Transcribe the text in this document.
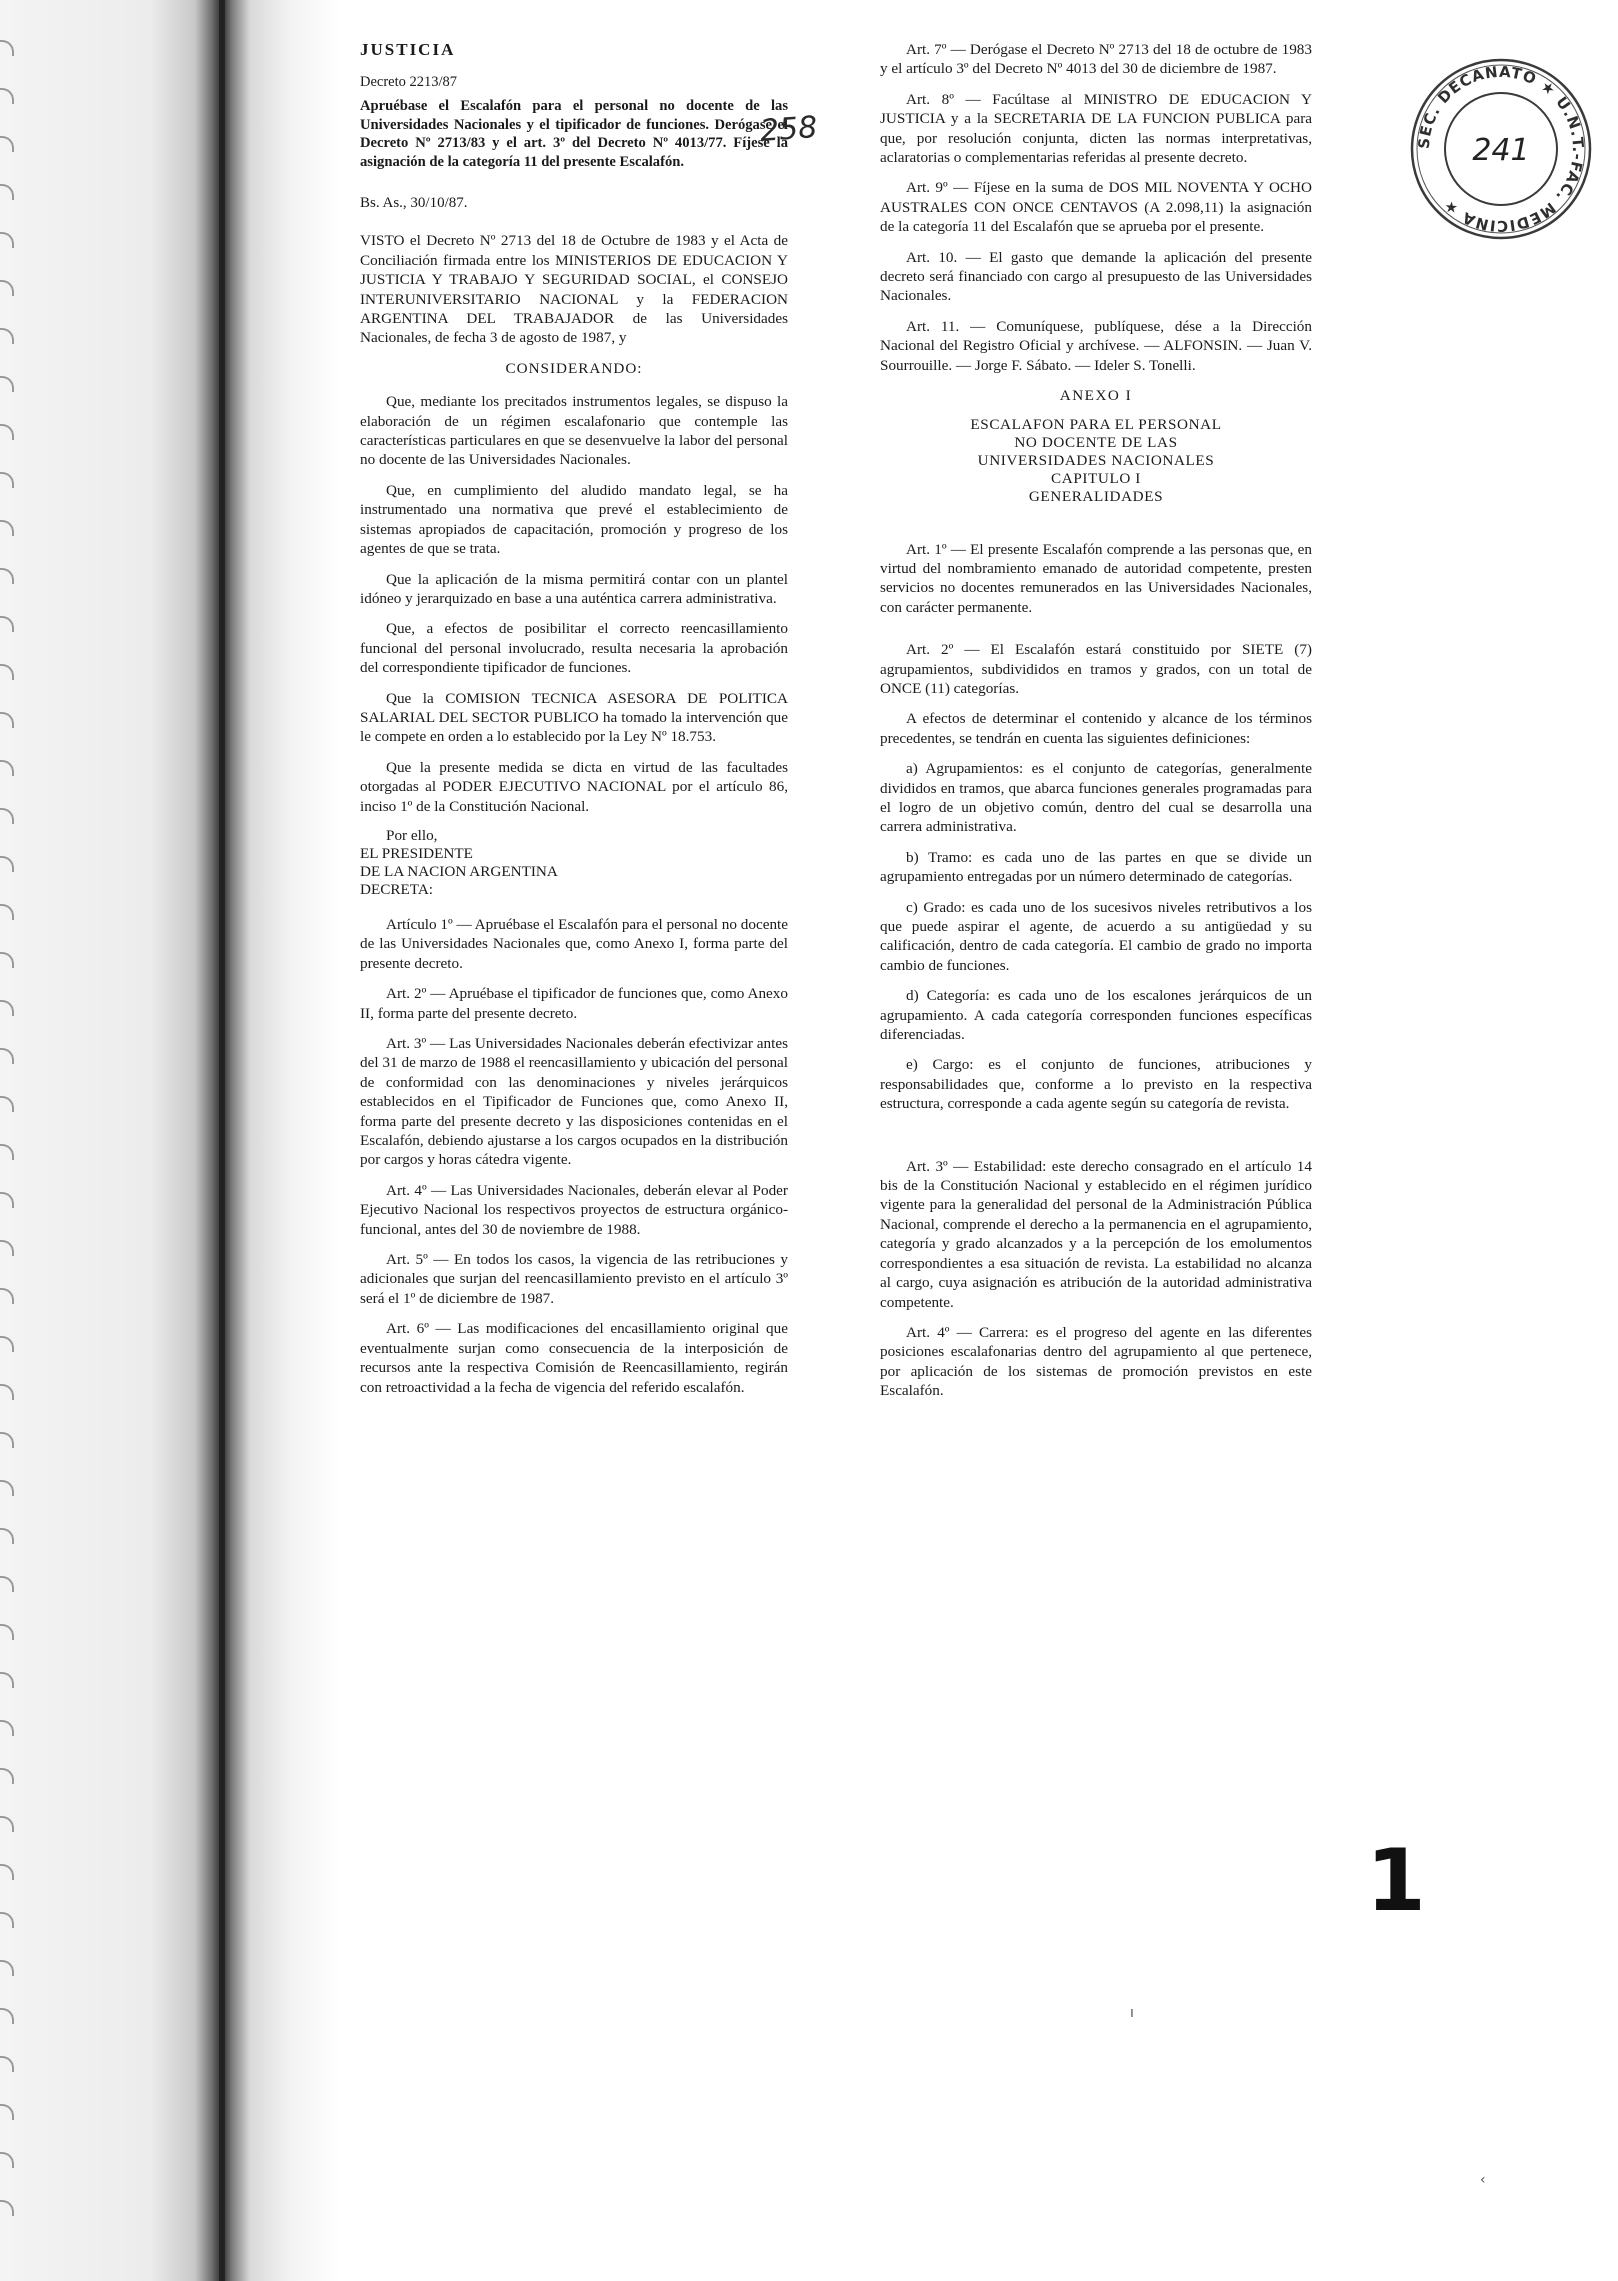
JUSTICIA
Decreto 2213/87
Apruébase el Escalafón para el personal no docente de las Universidades Nacionales y el tipificador de funciones. Derógase el Decreto Nº 2713/83 y el art. 3º del Decreto Nº 4013/77. Fíjese la asignación de la categoría 11 del presente Escalafón.
Bs. As., 30/10/87.

VISTO el Decreto Nº 2713 del 18 de Octubre de 1983 y el Acta de Conciliación firmada entre los MINISTERIOS DE EDUCACION Y JUSTICIA Y TRABAJO Y SEGURIDAD SOCIAL, el CONSEJO INTERUNIVERSITARIO NACIONAL y la FEDERACION ARGENTINA DEL TRABAJADOR de las Universidades Nacionales, de fecha 3 de agosto de 1987, y

CONSIDERANDO:

Que, mediante los precitados instrumentos legales, se dispuso la elaboración de un régimen escalafonario que contemple las características particulares en que se desenvuelve la labor del personal no docente de las Universidades Nacionales.

Que, en cumplimiento del aludido mandato legal, se ha instrumentado una normativa que prevé el establecimiento de sistemas apropiados de capacitación, promoción y progreso de los agentes de que se trata.

Que la aplicación de la misma permitirá contar con un plantel idóneo y jerarquizado en base a una auténtica carrera administrativa.

Que, a efectos de posibilitar el correcto reencasillamiento funcional del personal involucrado, resulta necesaria la aprobación del correspondiente tipificador de funciones.

Que la COMISION TECNICA ASESORA DE POLITICA SALARIAL DEL SECTOR PUBLICO ha tomado la intervención que le compete en orden a lo establecido por la Ley Nº 18.753.

Que la presente medida se dicta en virtud de las facultades otorgadas al PODER EJECUTIVO NACIONAL por el artículo 86, inciso 1º de la Constitución Nacional.

Por ello,
EL PRESIDENTE
DE LA NACION ARGENTINA
DECRETA:

Artículo 1º — Apruébase el Escalafón para el personal no docente de las Universidades Nacionales que, como Anexo I, forma parte del presente decreto.

Art. 2º — Apruébase el tipificador de funciones que, como Anexo II, forma parte del presente decreto.

Art. 3º — Las Universidades Nacionales deberán efectivizar antes del 31 de marzo de 1988 el reencasillamiento y ubicación del personal de conformidad con las denominaciones y niveles jerárquicos establecidos en el Tipificador de Funciones que, como Anexo II, forma parte del presente decreto y las disposiciones contenidas en el Escalafón, debiendo ajustarse a los cargos ocupados en la distribución por cargos y horas cátedra vigente.

Art. 4º — Las Universidades Nacionales, deberán elevar al Poder Ejecutivo Nacional los respectivos proyectos de estructura orgánico-funcional, antes del 30 de noviembre de 1988.

Art. 5º — En todos los casos, la vigencia de las retribuciones y adicionales que surjan del reencasillamiento previsto en el artículo 3º será el 1º de diciembre de 1987.

Art. 6º — Las modificaciones del encasillamiento original que eventualmente surjan como consecuencia de la interposición de recursos ante la respectiva Comisión de Reencasillamiento, regirán con retroactividad a la fecha de vigencia del referido escalafón.

Art. 7º — Derógase el Decreto Nº 2713 del 18 de octubre de 1983 y el artículo 3º del Decreto Nº 4013 del 30 de diciembre de 1987.

Art. 8º — Facúltase al MINISTRO DE EDUCACION Y JUSTICIA y a la SECRETARIA DE LA FUNCION PUBLICA para que, por resolución conjunta, dicten las normas interpretativas, aclaratorias o complementarias referidas al presente decreto.

Art. 9º — Fíjese en la suma de DOS MIL NOVENTA Y OCHO AUSTRALES CON ONCE CENTAVOS (A 2.098,11) la asignación de la categoría 11 del Escalafón que se aprueba por el presente.

Art. 10. — El gasto que demande la aplicación del presente decreto será financiado con cargo al presupuesto de las Universidades Nacionales.

Art. 11. — Comuníquese, publíquese, dése a la Dirección Nacional del Registro Oficial y archívese. — ALFONSIN. — Juan V. Sourrouille. — Jorge F. Sábato. — Ideler S. Tonelli.

ANEXO I
ESCALAFON PARA EL PERSONAL
NO DOCENTE DE LAS
UNIVERSIDADES NACIONALES
CAPITULO I
GENERALIDADES

Art. 1º — El presente Escalafón comprende a las personas que, en virtud del nombramiento emanado de autoridad competente, presten servicios no docentes remunerados en las Universidades Nacionales, con carácter permanente.

Art. 2º — El Escalafón estará constituido por SIETE (7) agrupamientos, subdivididos en tramos y grados, con un total de ONCE (11) categorías.

A efectos de determinar el contenido y alcance de los términos precedentes, se tendrán en cuenta las siguientes definiciones:

a) Agrupamientos: es el conjunto de categorías, generalmente divididos en tramos, que abarca funciones generales programadas para el logro de un objetivo común, dentro del cual se desarrolla una carrera administrativa.

b) Tramo: es cada uno de las partes en que se divide un agrupamiento entregadas por un número determinado de categorías.

c) Grado: es cada uno de los sucesivos niveles retributivos a los que puede aspirar el agente, de acuerdo a su antigüedad y su calificación, dentro de cada categoría. El cambio de grado no importa cambio de funciones.

d) Categoría: es cada uno de los escalones jerárquicos de un agrupamiento. A cada categoría corresponden funciones específicas diferenciadas.

e) Cargo: es el conjunto de funciones, atribuciones y responsabilidades que, conforme a lo previsto en la respectiva estructura, corresponde a cada agente según su categoría de revista.

Art. 3º — Estabilidad: este derecho consagrado en el artículo 14 bis de la Constitución Nacional y establecido en el régimen jurídico vigente para la generalidad del personal de la Administración Pública Nacional, comprende el derecho a la permanencia en el agrupamiento, categoría y grado alcanzados y a la percepción de los emolumentos correspondientes a esa situación de revista. La estabilidad no alcanza al cargo, cuya asignación es atribución de la autoridad administrativa competente.

Art. 4º — Carrera: es el progreso del agente en las diferentes posiciones escalafonarias dentro del agrupamiento al que pertenece, por aplicación de los sistemas de promoción previstos en este Escalafón.

258	SEC. DECANATO ★ U.N.T.-FAC. MEDICINA ★
241
1
ı
‹
